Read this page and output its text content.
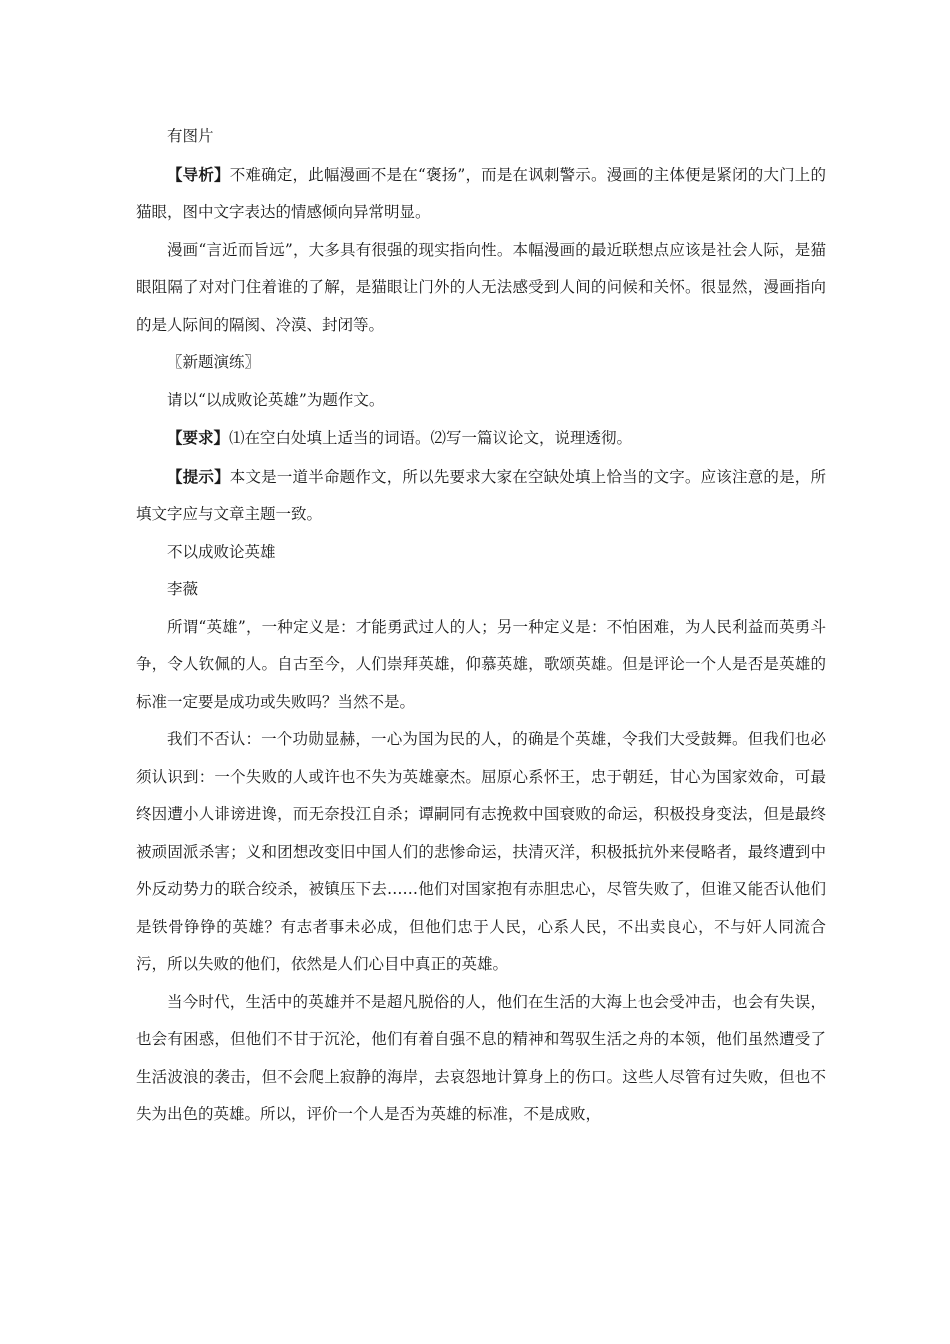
有图片

【导析】不难确定，此幅漫画不是在“褒扬”，而是在讽刺警示。漫画的主体便是紧闭的大门上的猫眼，图中文字表达的情感倾向异常明显。

漫画“言近而旨远”，大多具有很强的现实指向性。本幅漫画的最近联想点应该是社会人际，是猫眼阻隔了对对门住着谁的了解，是猫眼让门外的人无法感受到人间的问候和关怀。很显然，漫画指向的是人际间的隔阂、冷漠、封闭等。

〖新题演练〗

请以“以成败论英雄”为题作文。

【要求】⑴在空白处填上适当的词语。⑵写一篇议论文，说理透彻。

【提示】本文是一道半命题作文，所以先要求大家在空缺处填上恰当的文字。应该注意的是，所填文字应与文章主题一致。

不以成败论英雄

李薇

所谓“英雄”，一种定义是：才能勇武过人的人；另一种定义是：不怕困难，为人民利益而英勇斗争，令人钦佩的人。自古至今，人们崇拜英雄，仰慕英雄，歌颂英雄。但是评论一个人是否是英雄的标准一定要是成功或失败吗？当然不是。

我们不否认：一个功勋显赫，一心为国为民的人，的确是个英雄，令我们大受鼓舞。但我们也必须认识到：一个失败的人或许也不失为英雄豪杰。屈原心系怀王，忠于朝廷，甘心为国家效命，可最终因遭小人诽谤进谗，而无奈投江自杀；谭嗣同有志挽救中国衰败的命运，积极投身变法，但是最终被顽固派杀害；义和团想改变旧中国人们的悲惨命运，扶清灭洋，积极抵抗外来侵略者，最终遭到中外反动势力的联合绞杀，被镇压下去……他们对国家抱有赤胆忠心，尽管失败了，但谁又能否认他们是铁骨铮铮的英雄？有志者事未必成，但他们忠于人民，心系人民，不出卖良心，不与奸人同流合污，所以失败的他们，依然是人们心目中真正的英雄。

当今时代，生活中的英雄并不是超凡脱俗的人，他们在生活的大海上也会受冲击，也会有失误，也会有困惑，但他们不甘于沉沦，他们有着自强不息的精神和驾驭生活之舟的本领，他们虽然遭受了生活波浪的袭击，但不会爬上寂静的海岸，去哀怨地计算身上的伤口。这些人尽管有过失败，但也不失为出色的英雄。所以，评价一个人是否为英雄的标准，不是成败，
